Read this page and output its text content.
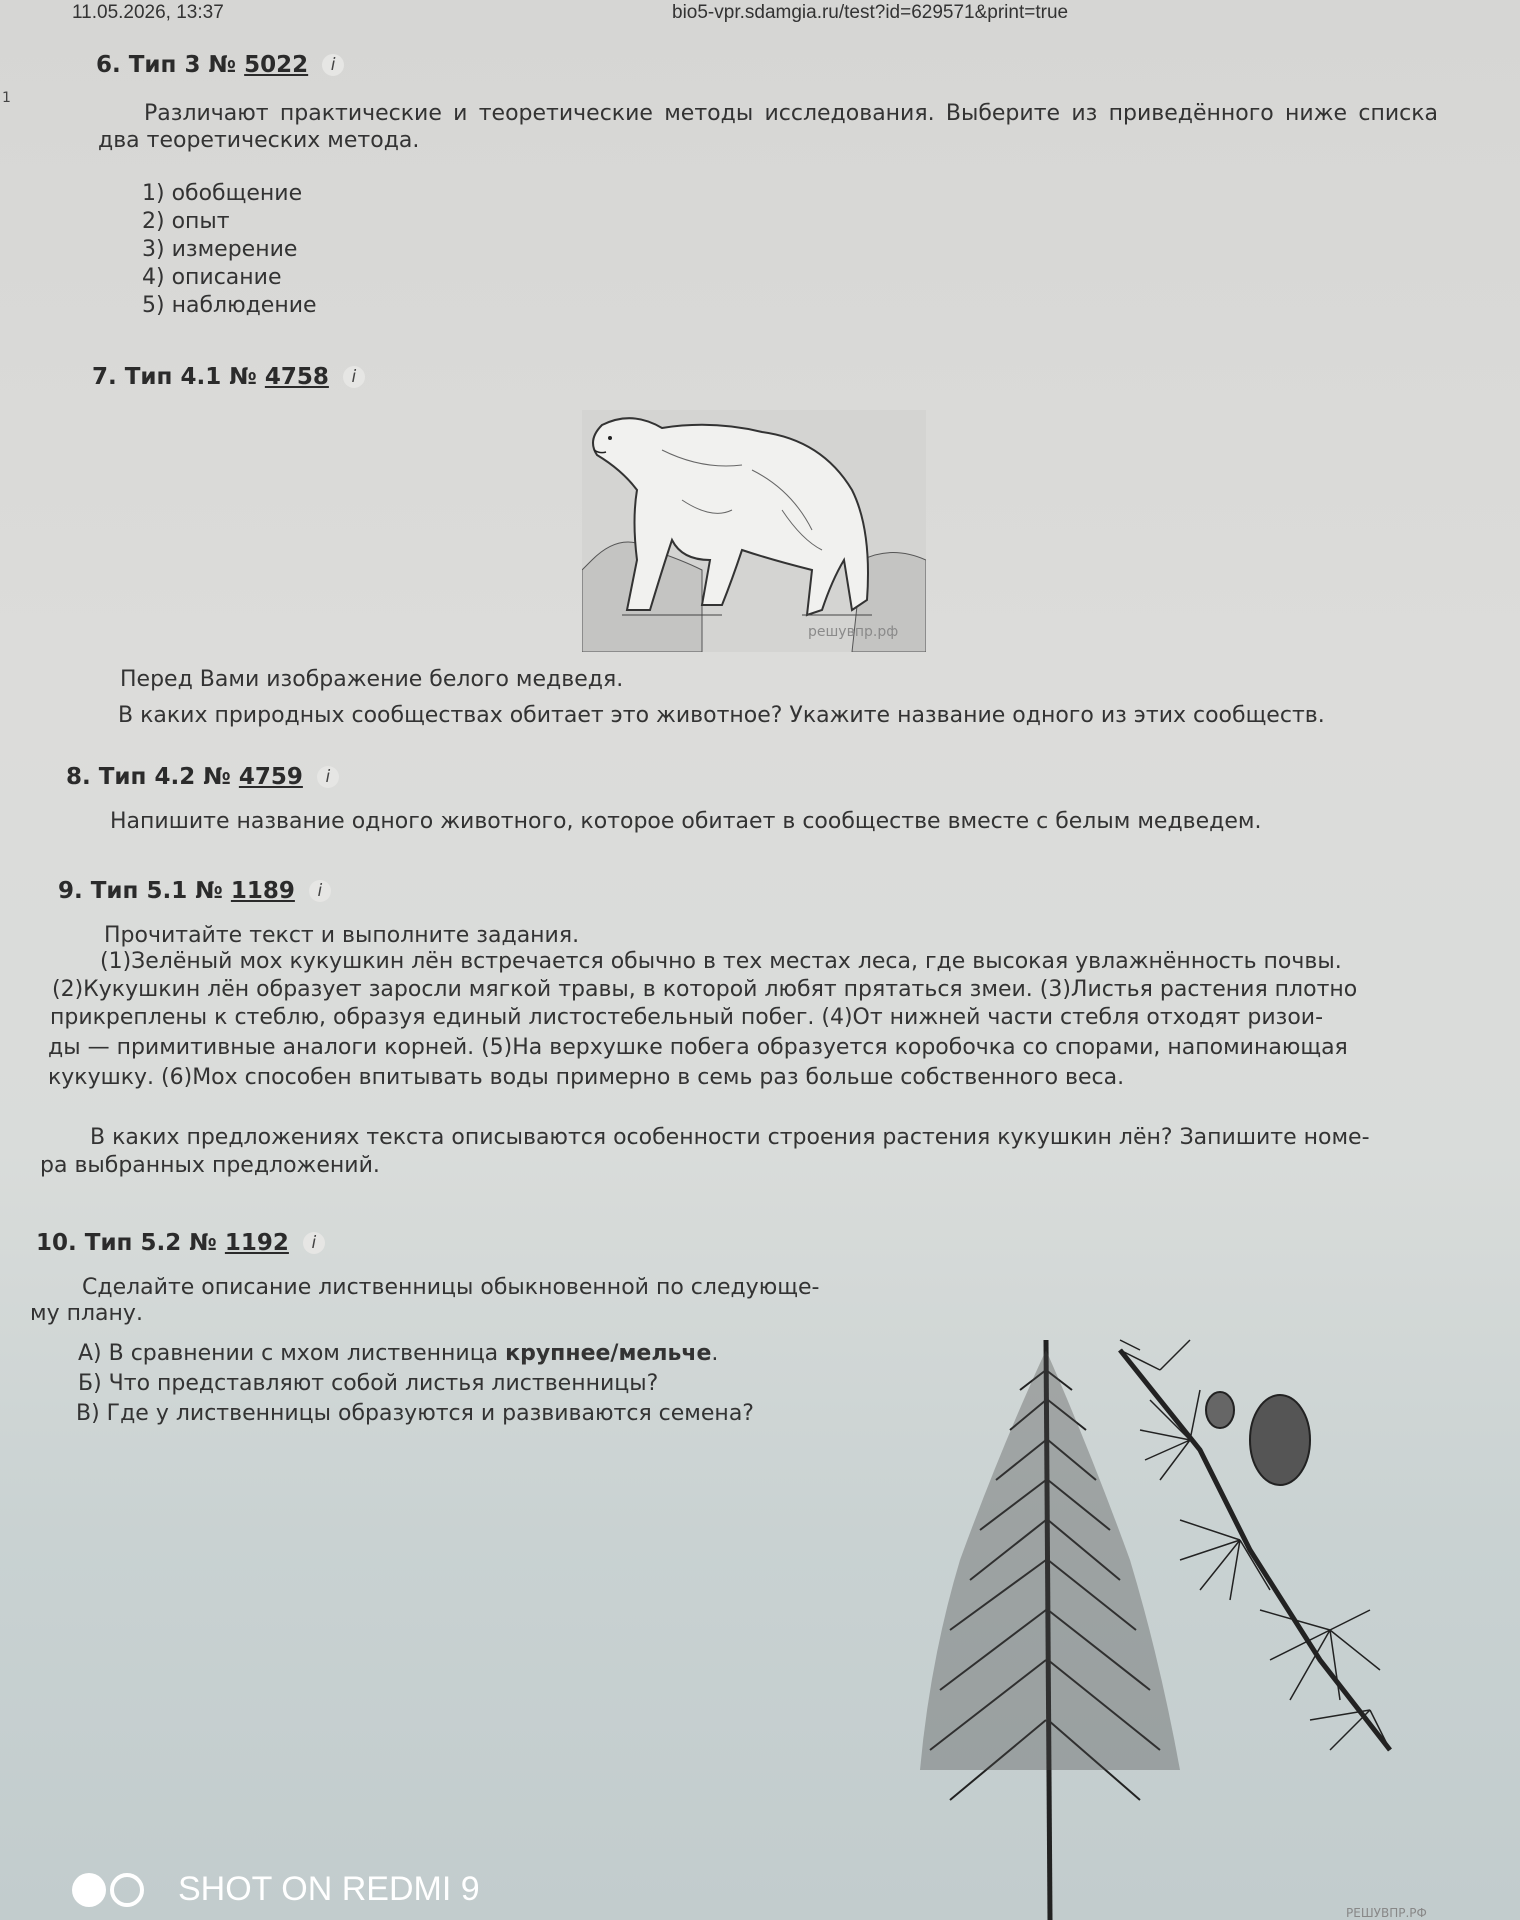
11.05.2026, 13:37	bio5-vpr.sdamgia.ru/test?id=629571&print=true
1
6. Тип 3 № 5022	i
Различают практические и теоретические методы исследования. Выберите из приведённого ниже списка два теоретических метода.
1) обобщение
2) опыт
3) измерение
4) описание
5) наблюдение
7. Тип 4.1 № 4758	i
решувпр.рф
Перед Вами изображение белого медведя.
В каких природных сообществах обитает это животное? Укажите название одного из этих сообществ.
8. Тип 4.2 № 4759	i
Напишите название одного животного, которое обитает в сообществе вместе с белым медведем.
9. Тип 5.1 № 1189	i
Прочитайте текст и выполните задания.
(1)Зелёный мох кукушкин лён встречается обычно в тех местах леса, где высокая увлажнённость почвы.
(2)Кукушкин лён образует заросли мягкой травы, в которой любят прятаться змеи. (3)Листья растения плотно
прикреплены к стеблю, образуя единый листостебельный побег. (4)От нижней части стебля отходят ризои-
ды — примитивные аналоги корней. (5)На верхушке побега образуется коробочка со спорами, напоминающая
кукушку. (6)Мох способен впитывать воды примерно в семь раз больше собственного веса.
В каких предложениях текста описываются особенности строения растения кукушкин лён? Запишите номе-
ра выбранных предложений.
10. Тип 5.2 № 1192	i
Сделайте описание лиственницы обыкновенной по следующе-
му плану.
А) В сравнении с мхом лиственница крупнее/мельче.
Б) Что представляют собой листья лиственницы?
В) Где у лиственницы образуются и развиваются семена?
РЕШУВПР.РФ
SHOT ON REDMI 9
